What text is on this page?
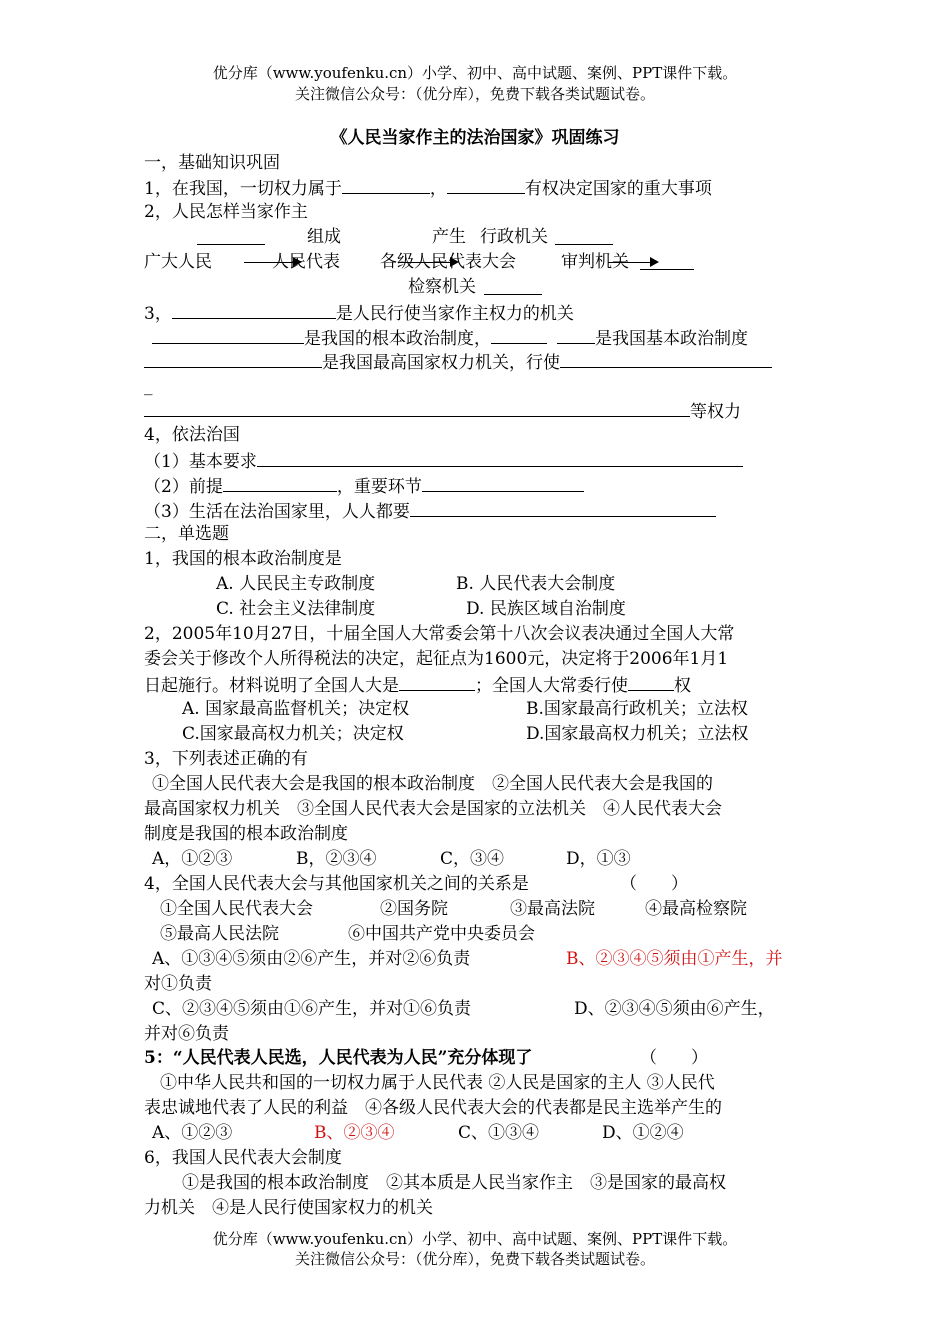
优分库（www.youfenku.cn）小学、初中、高中试题、案例、PPT课件下载。
关注微信公众号：（优分库），免费下载各类试题试卷。
《人民当家作主的法治国家》巩固练习
一，基础知识巩固
1，在我国，一切权力属于	，	有权决定国家的重大事项
2，人民怎样当家作主
组成	产生 行政机关
广大人民	人民代表 各级人民代表大会	审判机关
检察机关
3，	是人民行使当家作主权力的机关
是我国的根本政治制度，	是我国基本政治制度
是我国最高国家权力机关，行使
_
等权力
4，依法治国
（1）基本要求
（2）前提	，重要环节
（3）生活在法治国家里，人人都要
二，单选题
1，我国的根本政治制度是
A. 人民民主专政制度	B. 人民代表大会制度
C. 社会主义法律制度	D. 民族区域自治制度
2，2005年10月27日，十届全国人大常委会第十八次会议表决通过全国人大常
委会关于修改个人所得税法的决定，起征点为1600元，决定将于2006年1月1
日起施行。材料说明了全国人大是	；全国人大常委行使	权
A. 国家最高监督机关；决定权	B.国家最高行政机关；立法权
C.国家最高权力机关；决定权	D.国家最高权力机关；立法权
3，下列表述正确的有
①全国人民代表大会是我国的根本政治制度　②全国人民代表大会是我国的
最高国家权力机关　③全国人民代表大会是国家的立法机关　④人民代表大会
制度是我国的根本政治制度
A，①②③	B，②③④	C，③④	D，①③
4，全国人民代表大会与其他国家机关之间的关系是	（　　）
①全国人民代表大会	②国务院	③最高法院	④最高检察院
⑤最高人民法院	⑥中国共产党中央委员会
A、①③④⑤须由②⑥产生，并对②⑥负责	B、②③④⑤须由①产生，并
对①负责
C、②③④⑤须由①⑥产生，并对①⑥负责	D、②③④⑤须由⑥产生，
并对⑥负责
5：“人民代表人民选，人民代表为人民”充分体现了	（　　）
①中华人民共和国的一切权力属于人民代表 ②人民是国家的主人 ③人民代
表忠诚地代表了人民的利益　④各级人民代表大会的代表都是民主选举产生的
A、①②③	B、②③④	C、①③④	D、①②④
6，我国人民代表大会制度
①是我国的根本政治制度　②其本质是人民当家作主　③是国家的最高权
力机关　④是人民行使国家权力的机关
优分库（www.youfenku.cn）小学、初中、高中试题、案例、PPT课件下载。
关注微信公众号：（优分库），免费下载各类试题试卷。
